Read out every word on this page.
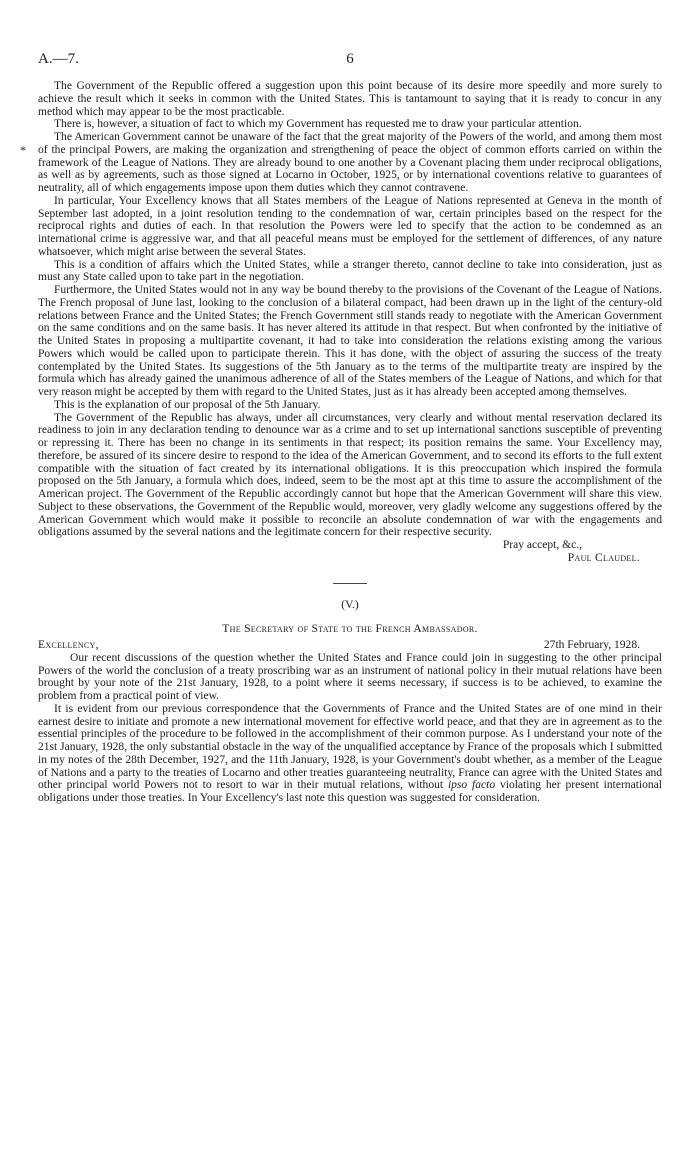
A.—7.	6
*

The Government of the Republic offered a suggestion upon this point because of its desire more speedily and more surely to achieve the result which it seeks in common with the United States. This is tantamount to saying that it is ready to concur in any method which may appear to be the most practicable.

There is, however, a situation of fact to which my Government has requested me to draw your particular attention.

The American Government cannot be unaware of the fact that the great majority of the Powers of the world, and among them most of the principal Powers, are making the organization and strengthening of peace the object of common efforts carried on within the framework of the League of Nations. They are already bound to one another by a Covenant placing them under reciprocal obligations, as well as by agreements, such as those signed at Locarno in October, 1925, or by international coventions relative to guarantees of neutrality, all of which engagements impose upon them duties which they cannot contravene.

In particular, Your Excellency knows that all States members of the League of Nations represented at Geneva in the month of September last adopted, in a joint resolution tending to the condemnation of war, certain principles based on the respect for the reciprocal rights and duties of each. In that resolution the Powers were led to specify that the action to be condemned as an international crime is aggressive war, and that all peaceful means must be employed for the settlement of differences, of any nature whatsoever, which might arise between the several States.

This is a condition of affairs which the United States, while a stranger thereto, cannot decline to take into consideration, just as must any State called upon to take part in the negotiation.

Furthermore, the United States would not in any way be bound thereby to the provisions of the Covenant of the League of Nations. The French proposal of June last, looking to the conclusion of a bilateral compact, had been drawn up in the light of the century-old relations between France and the United States; the French Government still stands ready to negotiate with the American Government on the same conditions and on the same basis. It has never altered its attitude in that respect. But when confronted by the initiative of the United States in proposing a multipartite covenant, it had to take into consideration the relations existing among the various Powers which would be called upon to participate therein. This it has done, with the object of assuring the success of the treaty contemplated by the United States. Its suggestions of the 5th January as to the terms of the multipartite treaty are inspired by the formula which has already gained the unanimous adherence of all of the States members of the League of Nations, and which for that very reason might be accepted by them with regard to the United States, just as it has already been accepted among themselves.

This is the explanation of our proposal of the 5th January.

The Government of the Republic has always, under all circumstances, very clearly and without mental reservation declared its readiness to join in any declaration tending to denounce war as a crime and to set up international sanctions susceptible of preventing or repressing it. There has been no change in its sentiments in that respect; its position remains the same. Your Excellency may, therefore, be assured of its sincere desire to respond to the idea of the American Government, and to second its efforts to the full extent compatible with the situation of fact created by its international obligations. It is this preoccupation which inspired the formula proposed on the 5th January, a formula which does, indeed, seem to be the most apt at this time to assure the accomplishment of the American project. The Government of the Republic accordingly cannot but hope that the American Government will share this view. Subject to these observations, the Government of the Republic would, moreover, very gladly welcome any suggestions offered by the American Government which would make it possible to reconcile an absolute condemnation of war with the engagements and obligations assumed by the several nations and the legitimate concern for their respective security.

Pray accept, &c.,

Paul Claudel.

(V.)

The Secretary of State to the French Ambassador.

Excellency,	27th February, 1928.

Our recent discussions of the question whether the United States and France could join in suggesting to the other principal Powers of the world the conclusion of a treaty proscribing war as an instrument of national policy in their mutual relations have been brought by your note of the 21st January, 1928, to a point where it seems necessary, if success is to be achieved, to examine the problem from a practical point of view.

It is evident from our previous correspondence that the Governments of France and the United States are of one mind in their earnest desire to initiate and promote a new international movement for effective world peace, and that they are in agreement as to the essential principles of the procedure to be followed in the accomplishment of their common purpose. As I understand your note of the 21st January, 1928, the only substantial obstacle in the way of the unqualified acceptance by France of the proposals which I submitted in my notes of the 28th December, 1927, and the 11th January, 1928, is your Government's doubt whether, as a member of the League of Nations and a party to the treaties of Locarno and other treaties guaranteeing neutrality, France can agree with the United States and other principal world Powers not to resort to war in their mutual relations, without ipso facto violating her present international obligations under those treaties. In Your Excellency's last note this question was suggested for consideration.
